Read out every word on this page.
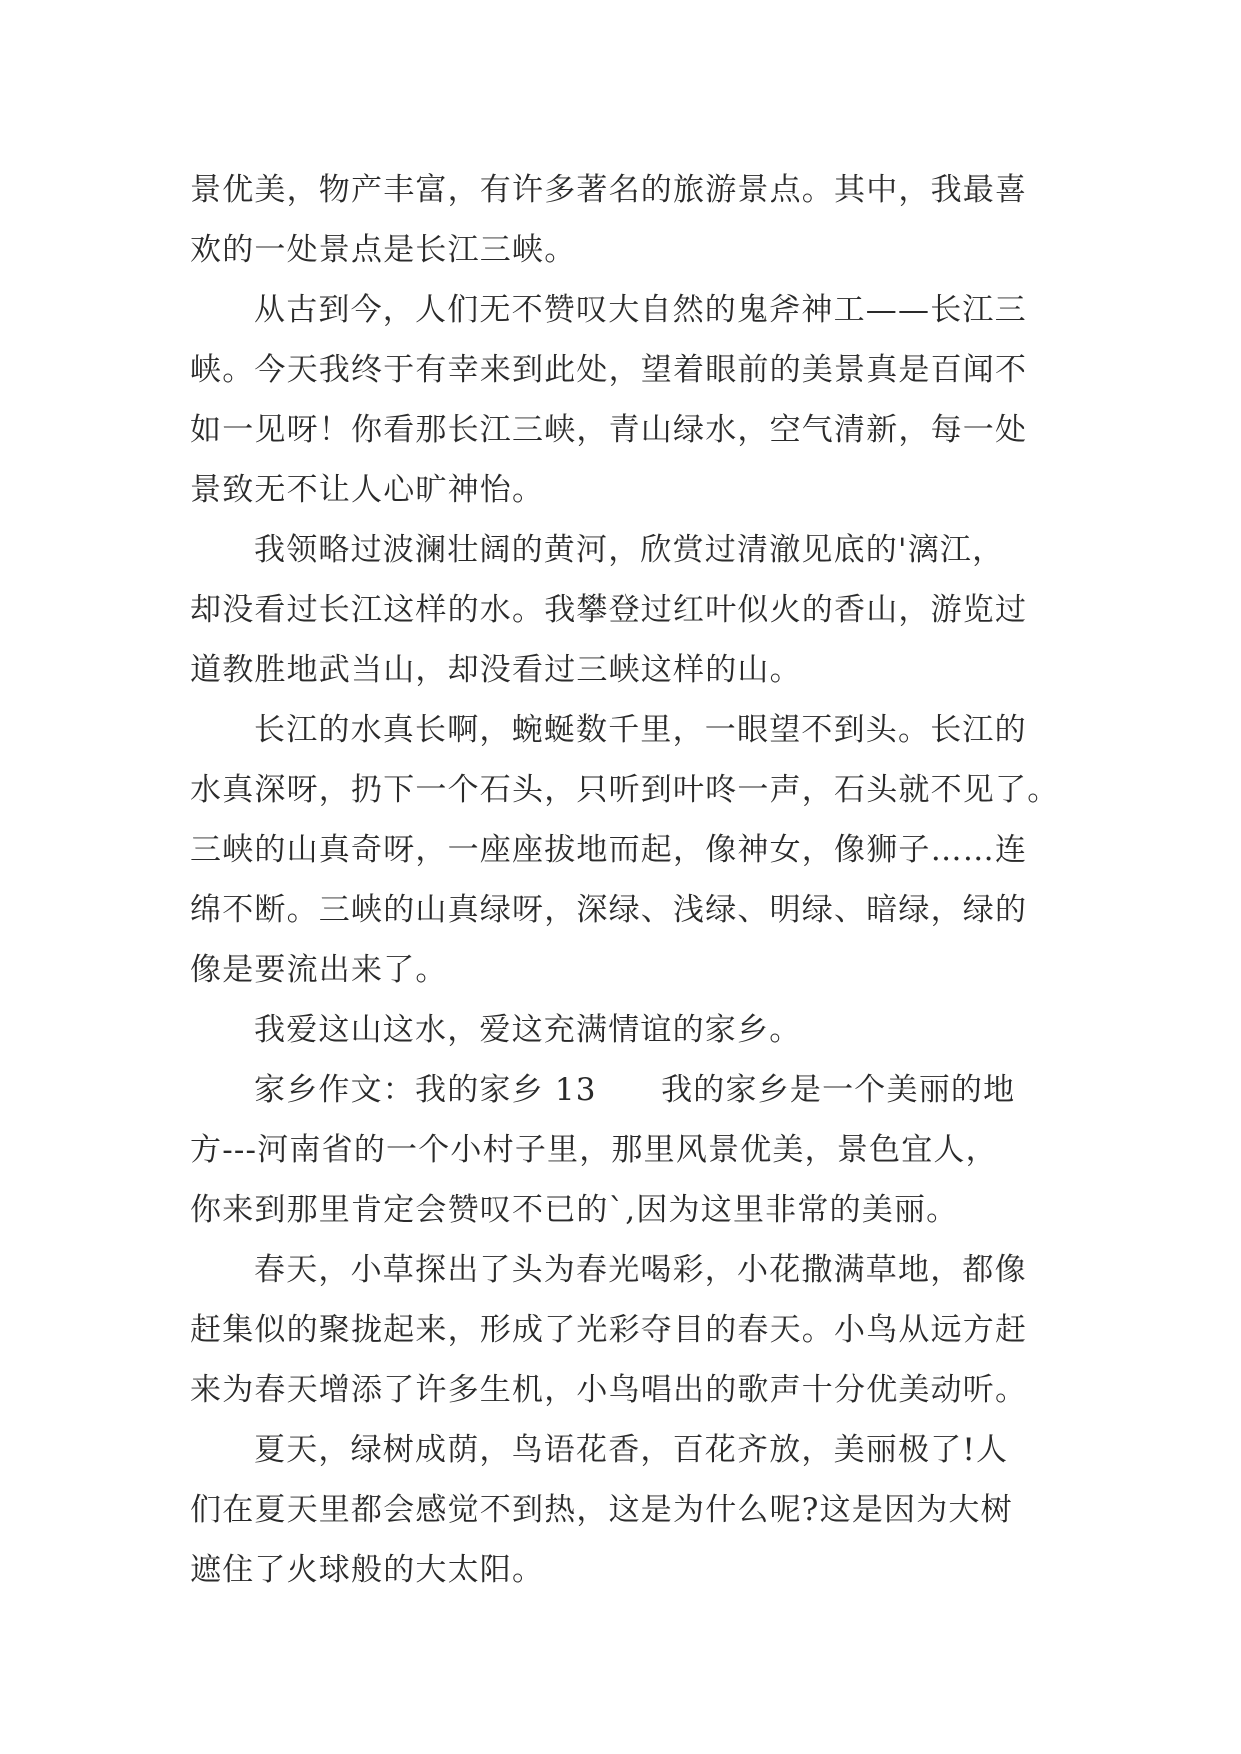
景优美，物产丰富，有许多著名的旅游景点。其中，我最喜
欢的一处景点是长江三峡。
从古到今，人们无不赞叹大自然的鬼斧神工——长江三
峡。今天我终于有幸来到此处，望着眼前的美景真是百闻不
如一见呀！你看那长江三峡，青山绿水，空气清新，每一处
景致无不让人心旷神怡。
我领略过波澜壮阔的黄河，欣赏过清澈见底的'漓江，
却没看过长江这样的水。我攀登过红叶似火的香山，游览过
道教胜地武当山，却没看过三峡这样的山。
长江的水真长啊，蜿蜒数千里，一眼望不到头。长江的
水真深呀，扔下一个石头，只听到叶咚一声，石头就不见了。
三峡的山真奇呀，一座座拔地而起，像神女，像狮子……连
绵不断。三峡的山真绿呀，深绿、浅绿、明绿、暗绿，绿的
像是要流出来了。
我爱这山这水，爱这充满情谊的家乡。
家乡作文：我的家乡 13　　我的家乡是一个美丽的地
方---河南省的一个小村子里，那里风景优美，景色宜人，
你来到那里肯定会赞叹不已的`,因为这里非常的美丽。
春天，小草探出了头为春光喝彩，小花撒满草地，都像
赶集似的聚拢起来，形成了光彩夺目的春天。小鸟从远方赶
来为春天增添了许多生机，小鸟唱出的歌声十分优美动听。
夏天，绿树成荫，鸟语花香，百花齐放，美丽极了!人
们在夏天里都会感觉不到热，这是为什么呢?这是因为大树
遮住了火球般的大太阳。
